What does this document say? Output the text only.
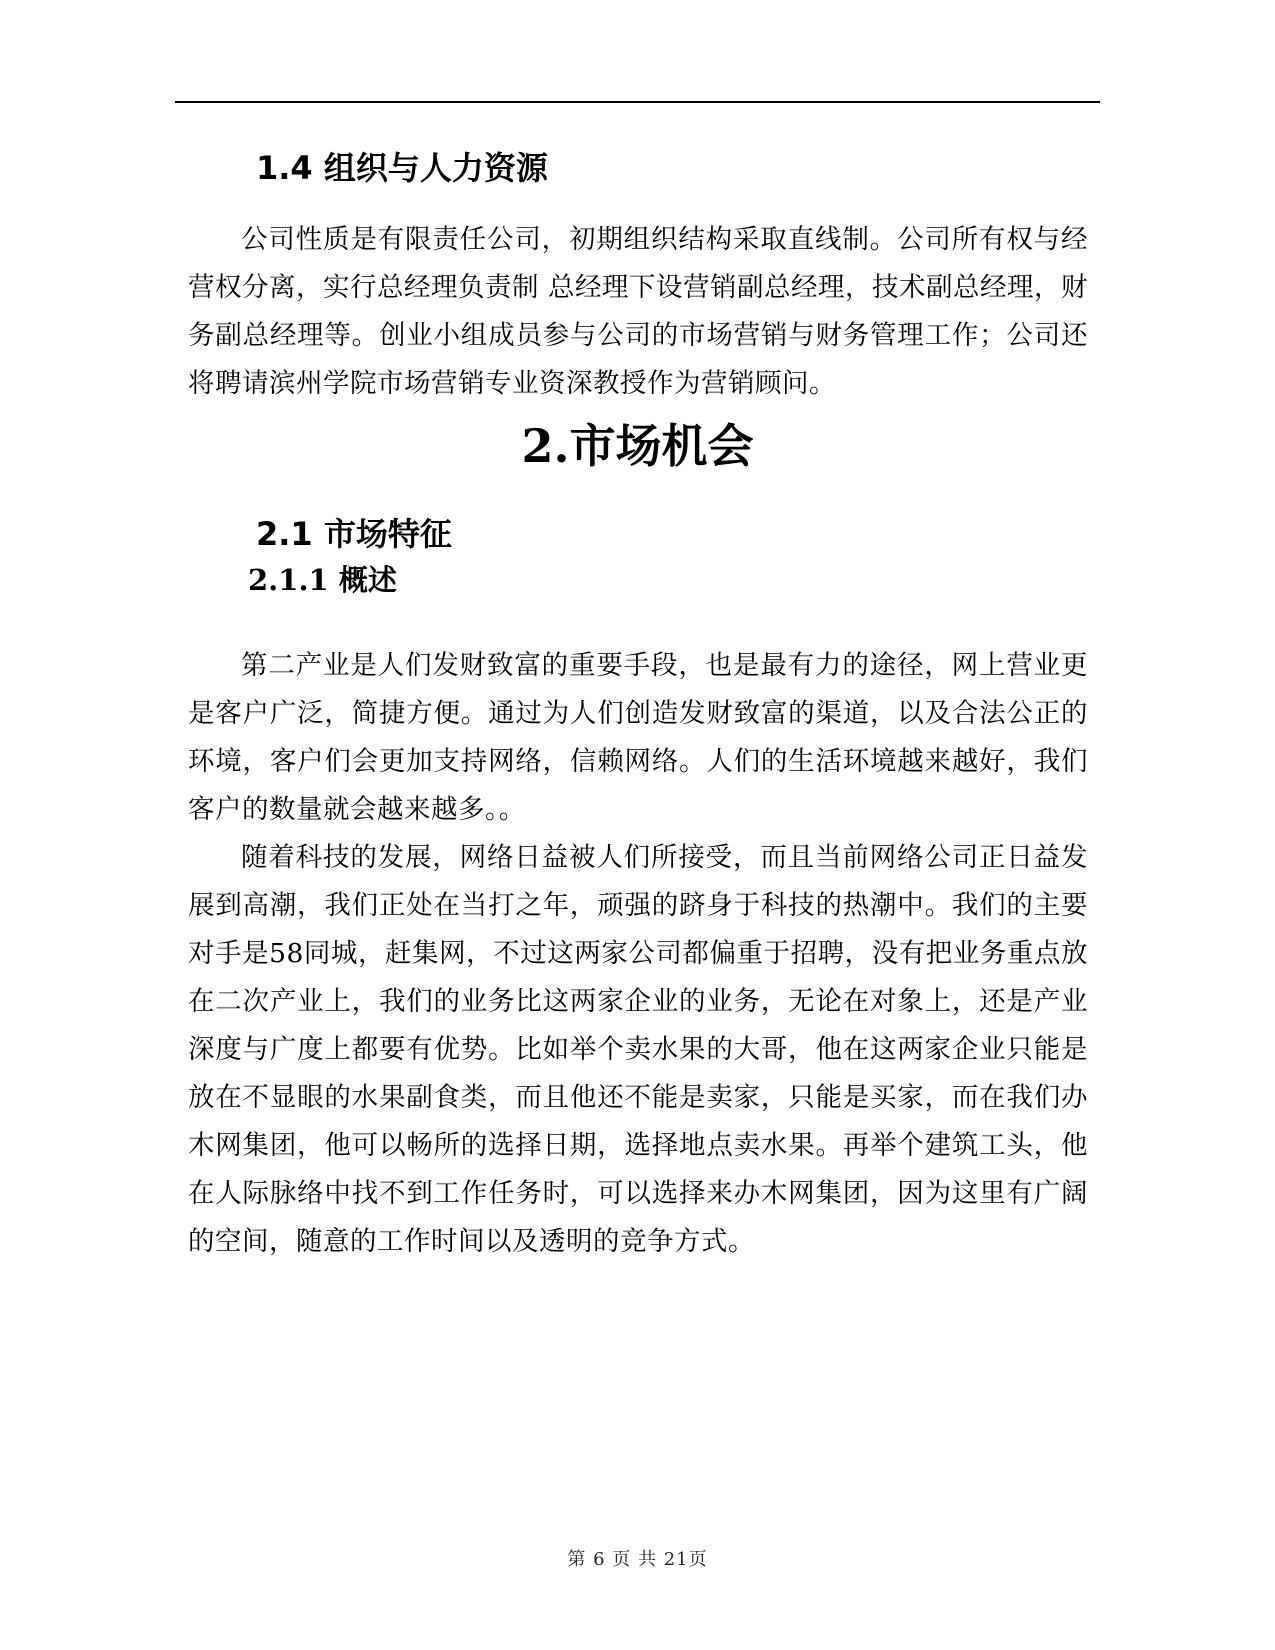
1.4 组织与人力资源

公司性质是有限责任公司，初期组织结构采取直线制。公司所有权与经营权分离，实行总经理负责制 总经理下设营销副总经理，技术副总经理，财务副总经理等。创业小组成员参与公司的市场营销与财务管理工作；公司还将聘请滨州学院市场营销专业资深教授作为营销顾问。

2.市场机会
2.1 市场特征
2.1.1 概述

第二产业是人们发财致富的重要手段，也是最有力的途径，网上营业更是客户广泛，简捷方便。通过为人们创造发财致富的渠道，以及合法公正的环境，客户们会更加支持网络，信赖网络。人们的生活环境越来越好，我们客户的数量就会越来越多。。

随着科技的发展，网络日益被人们所接受，而且当前网络公司正日益发展到高潮，我们正处在当打之年，顽强的跻身于科技的热潮中。我们的主要对手是58同城，赶集网，不过这两家公司都偏重于招聘，没有把业务重点放在二次产业上，我们的业务比这两家企业的业务，无论在对象上，还是产业深度与广度上都要有优势。比如举个卖水果的大哥，他在这两家企业只能是放在不显眼的水果副食类，而且他还不能是卖家，只能是买家，而在我们办木网集团，他可以畅所的选择日期，选择地点卖水果。再举个建筑工头，他在人际脉络中找不到工作任务时，可以选择来办木网集团，因为这里有广阔的空间，随意的工作时间以及透明的竞争方式。

第 6 页 共 21页
